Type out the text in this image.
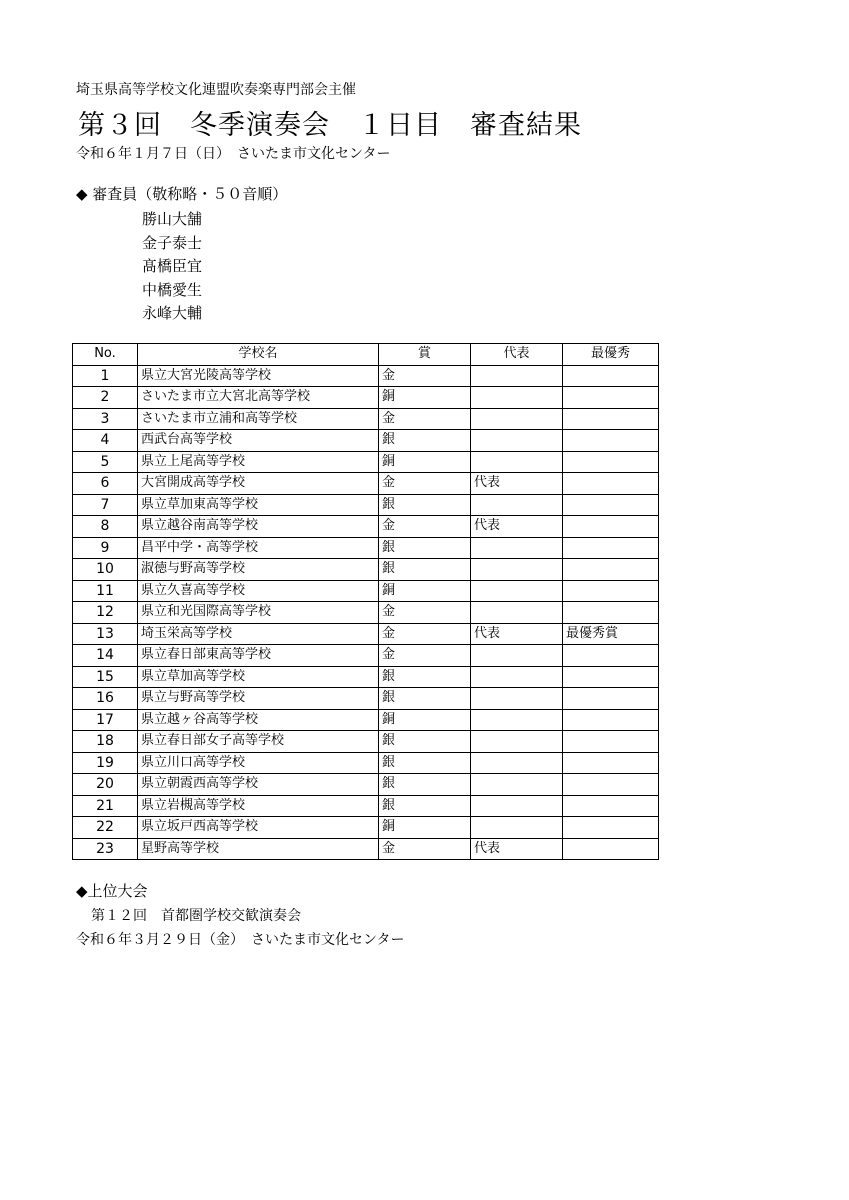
埼玉県高等学校文化連盟吹奏楽専門部会主催
第３回　冬季演奏会　１日目　審査結果
令和６年１月７日（日）　さいたま市文化センター
◆ 審査員（敬称略・５０音順）
勝山大舗
金子泰士
髙橋臣宜
中橋愛生
永峰大輔
No.	学校名	賞	代表	最優秀
1	県立大宮光陵高等学校	金		
2	さいたま市立大宮北高等学校	銅		
3	さいたま市立浦和高等学校	金		
4	西武台高等学校	銀		
5	県立上尾高等学校	銅		
6	大宮開成高等学校	金	代表	
7	県立草加東高等学校	銀		
8	県立越谷南高等学校	金	代表	
9	昌平中学・高等学校	銀		
10	淑徳与野高等学校	銀		
11	県立久喜高等学校	銅		
12	県立和光国際高等学校	金		
13	埼玉栄高等学校	金	代表	最優秀賞
14	県立春日部東高等学校	金		
15	県立草加高等学校	銀		
16	県立与野高等学校	銀		
17	県立越ヶ谷高等学校	銅		
18	県立春日部女子高等学校	銀		
19	県立川口高等学校	銀		
20	県立朝霞西高等学校	銀		
21	県立岩槻高等学校	銀		
22	県立坂戸西高等学校	銅		
23	星野高等学校	金	代表	
◆上位大会
第１２回　首都圏学校交歓演奏会
令和６年３月２９日（金）　さいたま市文化センター
